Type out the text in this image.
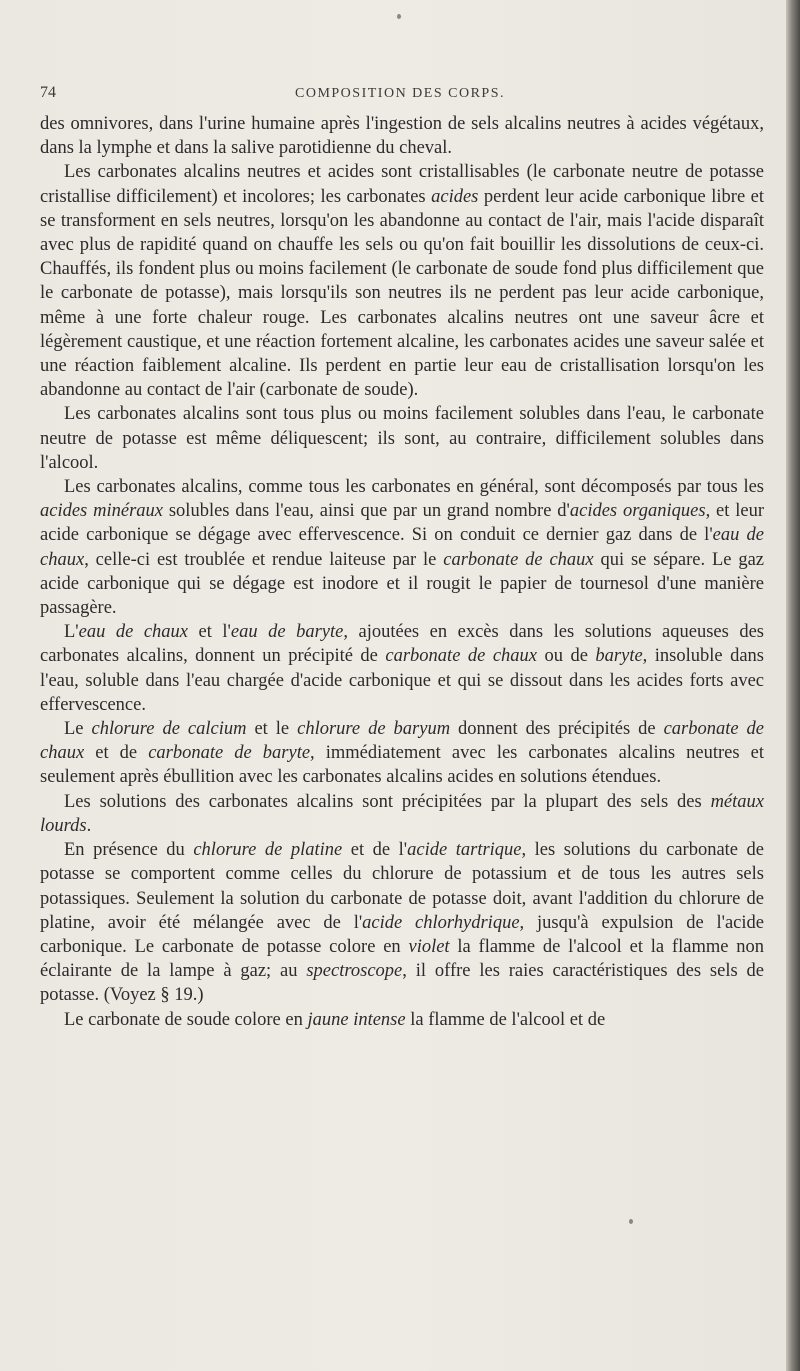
74	COMPOSITION DES CORPS.

des omnivores, dans l'urine humaine après l'ingestion de sels alcalins neutres à acides végétaux, dans la lymphe et dans la salive parotidienne du cheval.

Les carbonates alcalins neutres et acides sont cristallisables (le carbonate neutre de potasse cristallise difficilement) et incolores; les carbonates acides perdent leur acide carbonique libre et se transforment en sels neutres, lorsqu'on les abandonne au contact de l'air, mais l'acide disparaît avec plus de rapidité quand on chauffe les sels ou qu'on fait bouillir les dissolutions de ceux-ci. Chauffés, ils fondent plus ou moins facilement (le carbonate de soude fond plus difficilement que le carbonate de potasse), mais lorsqu'ils son neutres ils ne perdent pas leur acide carbonique, même à une forte chaleur rouge. Les carbonates alcalins neutres ont une saveur âcre et légèrement caustique, et une réaction fortement alcaline, les carbonates acides une saveur salée et une réaction faiblement alcaline. Ils perdent en partie leur eau de cristallisation lorsqu'on les abandonne au contact de l'air (carbonate de soude).

Les carbonates alcalins sont tous plus ou moins facilement solubles dans l'eau, le carbonate neutre de potasse est même déliquescent; ils sont, au contraire, difficilement solubles dans l'alcool.

Les carbonates alcalins, comme tous les carbonates en général, sont décomposés par tous les acides minéraux solubles dans l'eau, ainsi que par un grand nombre d'acides organiques, et leur acide carbonique se dégage avec effervescence. Si on conduit ce dernier gaz dans de l'eau de chaux, celle-ci est troublée et rendue laiteuse par le carbonate de chaux qui se sépare. Le gaz acide carbonique qui se dégage est inodore et il rougit le papier de tournesol d'une manière passagère.

L'eau de chaux et l'eau de baryte, ajoutées en excès dans les solutions aqueuses des carbonates alcalins, donnent un précipité de carbonate de chaux ou de baryte, insoluble dans l'eau, soluble dans l'eau chargée d'acide carbonique et qui se dissout dans les acides forts avec effervescence.

Le chlorure de calcium et le chlorure de baryum donnent des précipités de carbonate de chaux et de carbonate de baryte, immédiatement avec les carbonates alcalins neutres et seulement après ébullition avec les carbonates alcalins acides en solutions étendues.

Les solutions des carbonates alcalins sont précipitées par la plupart des sels des métaux lourds.

En présence du chlorure de platine et de l'acide tartrique, les solutions du carbonate de potasse se comportent comme celles du chlorure de potassium et de tous les autres sels potassiques. Seulement la solution du carbonate de potasse doit, avant l'addition du chlorure de platine, avoir été mélangée avec de l'acide chlorhydrique, jusqu'à expulsion de l'acide carbonique. Le carbonate de potasse colore en violet la flamme de l'alcool et la flamme non éclairante de la lampe à gaz; au spectroscope, il offre les raies caractéristiques des sels de potasse. (Voyez § 19.)

Le carbonate de soude colore en jaune intense la flamme de l'alcool et de
